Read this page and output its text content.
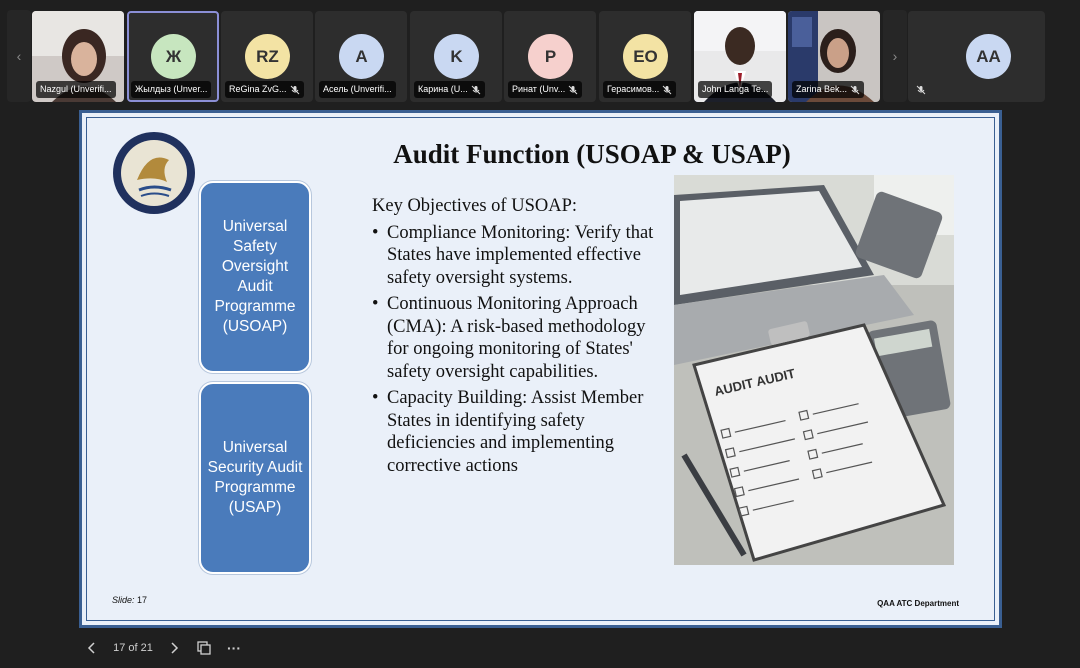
‹
Nazgul (Unverifi...
Ж
Жылдыз (Unver...
RZ
ReGina ZvG...
A
Асель (Unverifi...
K
Карина (U...
P
Ринат (Unv...
EO
Герасимов...	John Langa Te...	Zarina Bek...
›	AA
Audit Function (USOAP & USAP)
Universal Safety Oversight Audit Programme (USOAP)
Universal Security Audit Programme (USAP)
Key Objectives of USOAP:
• Compliance Monitoring: Verify that States have implemented effective safety oversight systems.
• Continuous Monitoring Approach (CMA): A risk-based methodology for ongoing monitoring of States' safety oversight capabilities.
• Capacity Building: Assist Member States in identifying safety deficiencies and implementing corrective actions
AUDIT AUDIT
Slide: 17	QAA ATC Department
17 of 21	···
